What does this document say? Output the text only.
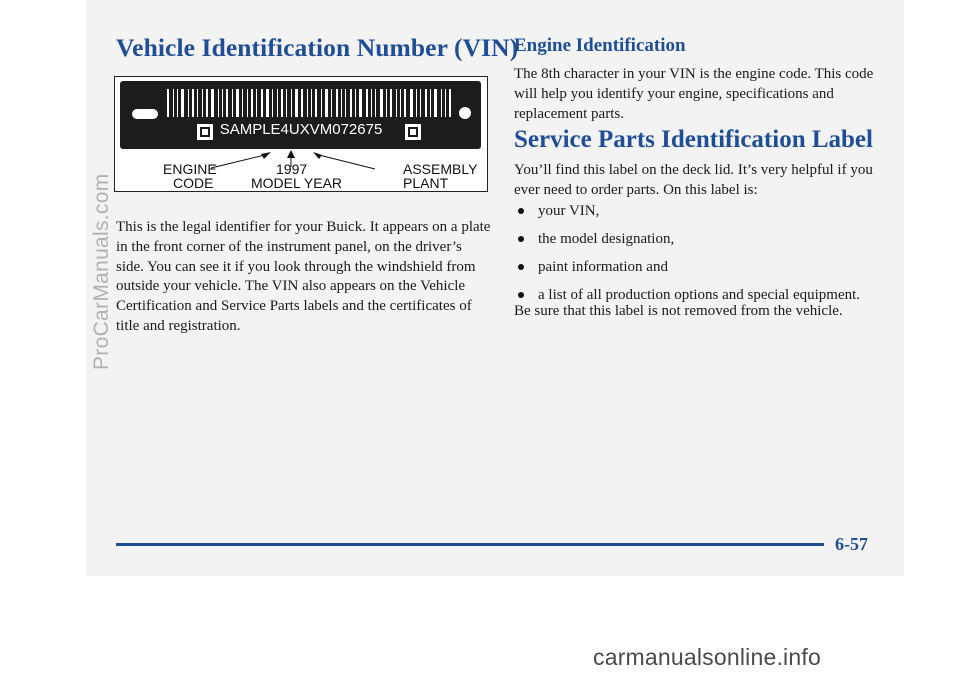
Vehicle Identification Number (VIN)
SAMPLE4UXVM072675
ENGINE
CODE
1997
MODEL YEAR
ASSEMBLY
PLANT

This is the legal identifier for your Buick. It appears on a plate in the front corner of the instrument panel, on the driver’s side. You can see it if you look through the windshield from outside your vehicle. The VIN also appears on the Vehicle Certification and Service Parts labels and the certificates of title and registration.

Engine Identification

The 8th character in your VIN is the engine code. This code will help you identify your engine, specifications and replacement parts.

Service Parts Identification Label

You’ll find this label on the deck lid. It’s very helpful if you ever need to order parts. On this label is:

your VIN,
the model designation,
paint information and
a list of all production options and special equipment.

Be sure that this label is not removed from the vehicle.

6-57

ProCarManuals.com
carmanualsonline.info
